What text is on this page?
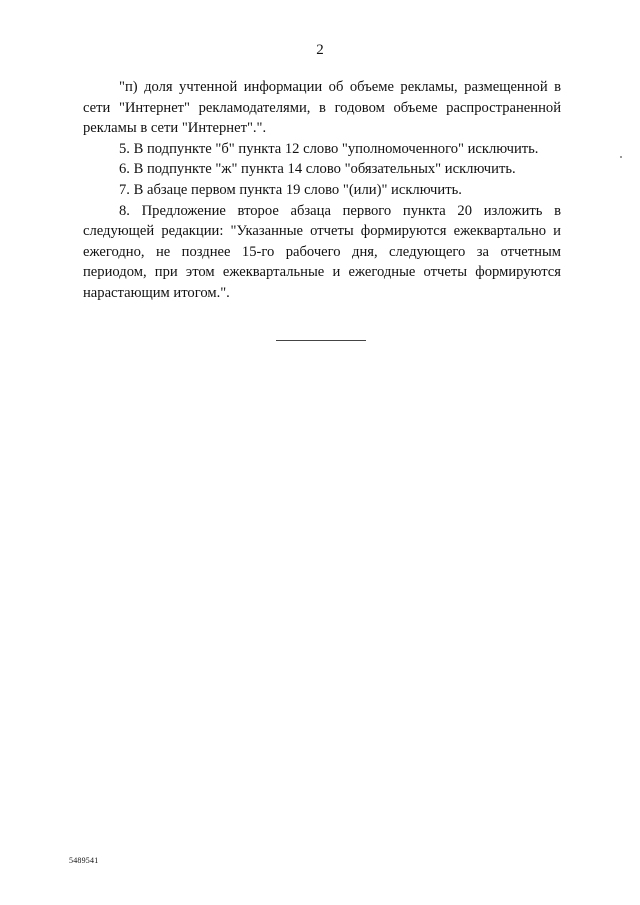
2

"п) доля учтенной информации об объеме рекламы, размещенной в сети "Интернет" рекламодателями, в годовом объеме распространенной рекламы в сети "Интернет".".

5. В подпункте "б" пункта 12 слово "уполномоченного" исключить.

6. В подпункте "ж" пункта 14 слово "обязательных" исключить.

7. В абзаце первом пункта 19 слово "(или)" исключить.

8. Предложение второе абзаца первого пункта 20 изложить в следующей редакции: "Указанные отчеты формируются ежеквартально и ежегодно, не позднее 15-го рабочего дня, следующего за отчетным периодом, при этом ежеквартальные и ежегодные отчеты формируются нарастающим итогом.".

5489541
